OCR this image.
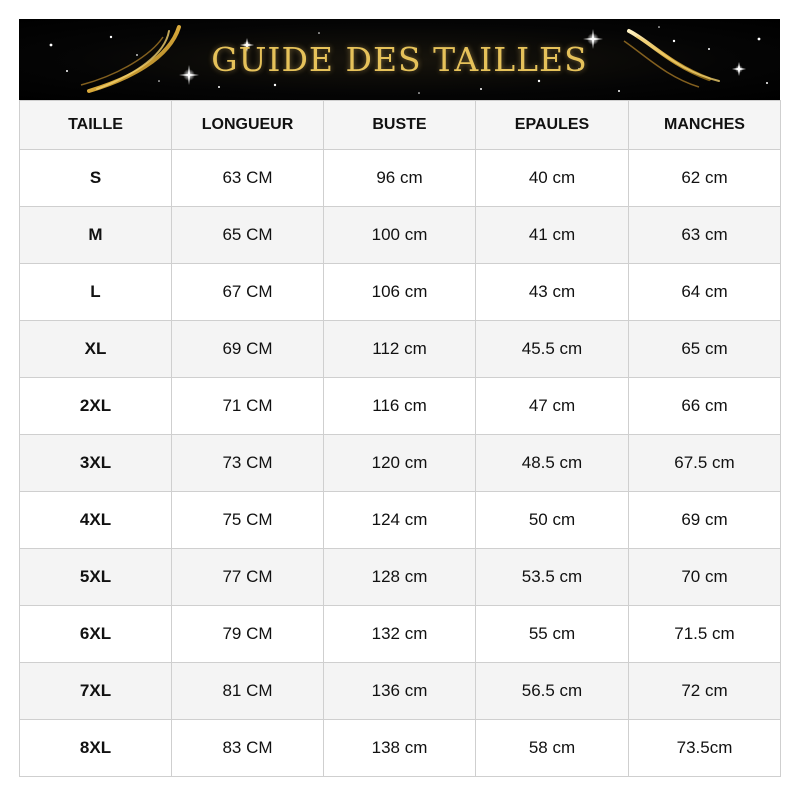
GUIDE DES TAILLES
TAILLE	LONGUEUR	BUSTE	EPAULES	MANCHES
S	63 CM	96 cm	40 cm	62 cm
M	65 CM	100 cm	41 cm	63 cm
L	67 CM	106 cm	43 cm	64 cm
XL	69 CM	112 cm	45.5 cm	65 cm
2XL	71 CM	116 cm	47 cm	66 cm
3XL	73 CM	120 cm	48.5 cm	67.5 cm
4XL	75 CM	124 cm	50 cm	69 cm
5XL	77 CM	128 cm	53.5 cm	70 cm
6XL	79 CM	132 cm	55 cm	71.5 cm
7XL	81 CM	136 cm	56.5 cm	72 cm
8XL	83 CM	138 cm	58 cm	73.5cm
